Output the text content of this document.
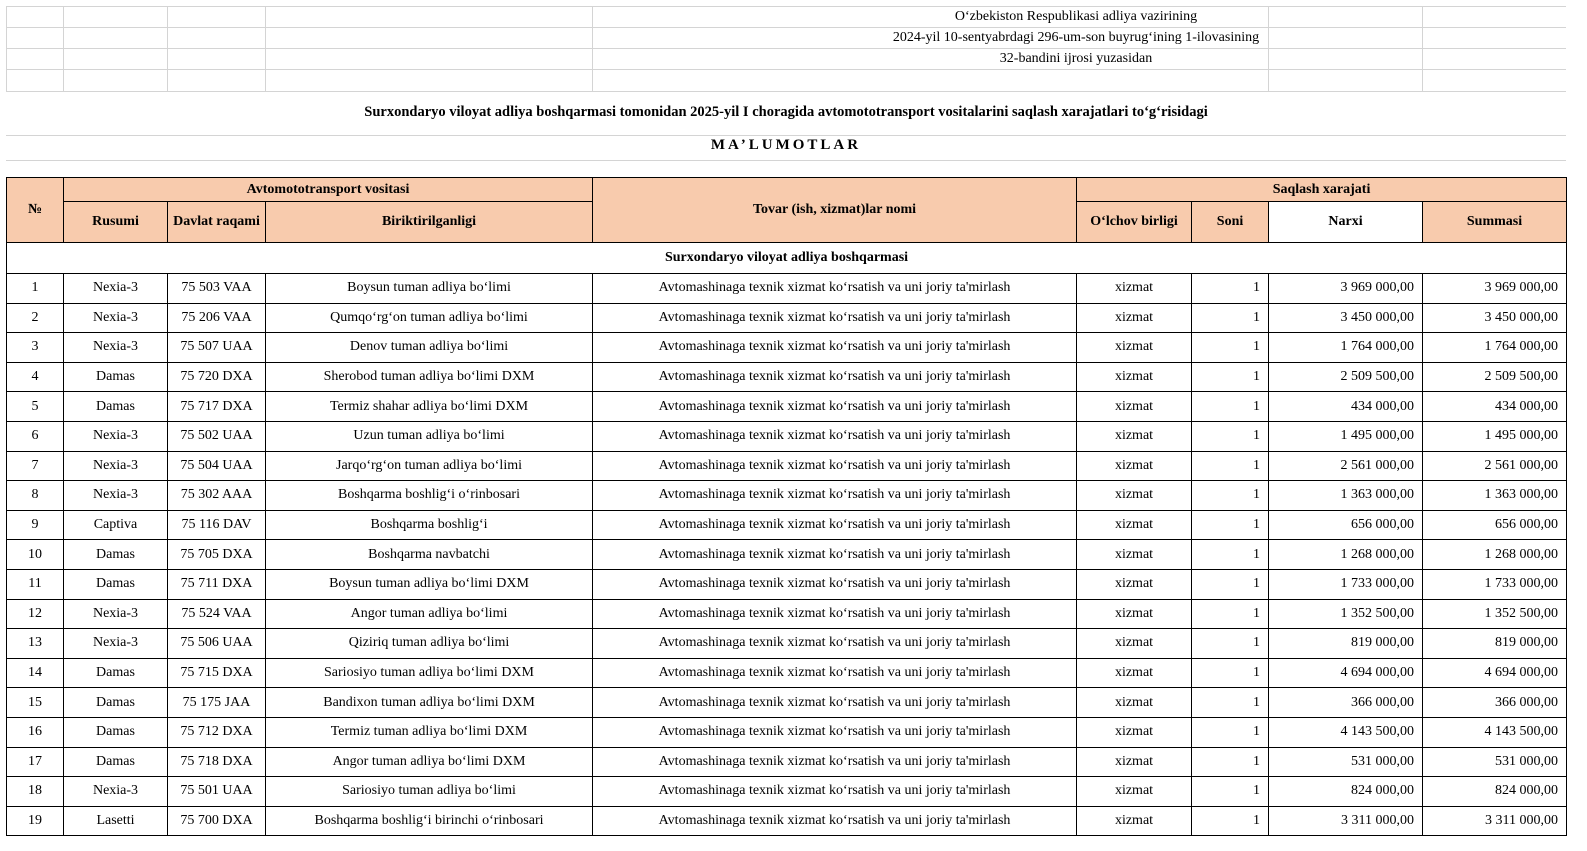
O‘zbekiston Respublikasi adliya vazirining
2024-yil 10-sentyabrdagi 296-um-son buyrug‘ining 1-ilovasining
32-bandini ijrosi yuzasidan
Surxondaryo viloyat adliya boshqarmasi tomonidan 2025-yil I choragida avtomototransport vositalarini saqlash xarajatlari to‘g‘risidagi
MA’LUMOTLAR
№	Avtomototransport vositasi			Tovar (ish, xizmat)lar nomi	Saqlash xarajati			
	Rusumi	Davlat raqami	Biriktirilganligi		O‘lchov birligi	Soni	Narxi	Summasi
Surxondaryo viloyat adliya boshqarmasi								
1	Nexia-3	75 503 VAA	Boysun tuman adliya bo‘limi	Avtomashinaga texnik xizmat ko‘rsatish va uni joriy ta'mirlash	xizmat	1	3 969 000,00	3 969 000,00
2	Nexia-3	75 206 VAA	Qumqo‘rg‘on tuman adliya bo‘limi	Avtomashinaga texnik xizmat ko‘rsatish va uni joriy ta'mirlash	xizmat	1	3 450 000,00	3 450 000,00
3	Nexia-3	75 507 UAA	Denov tuman adliya bo‘limi	Avtomashinaga texnik xizmat ko‘rsatish va uni joriy ta'mirlash	xizmat	1	1 764 000,00	1 764 000,00
4	Damas	75 720 DXA	Sherobod tuman adliya bo‘limi DXM	Avtomashinaga texnik xizmat ko‘rsatish va uni joriy ta'mirlash	xizmat	1	2 509 500,00	2 509 500,00
5	Damas	75 717 DXA	Termiz shahar adliya bo‘limi DXM	Avtomashinaga texnik xizmat ko‘rsatish va uni joriy ta'mirlash	xizmat	1	434 000,00	434 000,00
6	Nexia-3	75 502 UAA	Uzun tuman adliya bo‘limi	Avtomashinaga texnik xizmat ko‘rsatish va uni joriy ta'mirlash	xizmat	1	1 495 000,00	1 495 000,00
7	Nexia-3	75 504 UAA	Jarqo‘rg‘on tuman adliya bo‘limi	Avtomashinaga texnik xizmat ko‘rsatish va uni joriy ta'mirlash	xizmat	1	2 561 000,00	2 561 000,00
8	Nexia-3	75 302 AAA	Boshqarma boshlig‘i o‘rinbosari	Avtomashinaga texnik xizmat ko‘rsatish va uni joriy ta'mirlash	xizmat	1	1 363 000,00	1 363 000,00
9	Captiva	75 116 DAV	Boshqarma boshlig‘i	Avtomashinaga texnik xizmat ko‘rsatish va uni joriy ta'mirlash	xizmat	1	656 000,00	656 000,00
10	Damas	75 705 DXA	Boshqarma navbatchi	Avtomashinaga texnik xizmat ko‘rsatish va uni joriy ta'mirlash	xizmat	1	1 268 000,00	1 268 000,00
11	Damas	75 711 DXA	Boysun tuman adliya bo‘limi DXM	Avtomashinaga texnik xizmat ko‘rsatish va uni joriy ta'mirlash	xizmat	1	1 733 000,00	1 733 000,00
12	Nexia-3	75 524 VAA	Angor tuman adliya bo‘limi	Avtomashinaga texnik xizmat ko‘rsatish va uni joriy ta'mirlash	xizmat	1	1 352 500,00	1 352 500,00
13	Nexia-3	75 506 UAA	Qiziriq tuman adliya bo‘limi	Avtomashinaga texnik xizmat ko‘rsatish va uni joriy ta'mirlash	xizmat	1	819 000,00	819 000,00
14	Damas	75 715 DXA	Sariosiyo tuman adliya bo‘limi DXM	Avtomashinaga texnik xizmat ko‘rsatish va uni joriy ta'mirlash	xizmat	1	4 694 000,00	4 694 000,00
15	Damas	75 175 JAA	Bandixon tuman adliya bo‘limi DXM	Avtomashinaga texnik xizmat ko‘rsatish va uni joriy ta'mirlash	xizmat	1	366 000,00	366 000,00
16	Damas	75 712 DXA	Termiz tuman adliya bo‘limi DXM	Avtomashinaga texnik xizmat ko‘rsatish va uni joriy ta'mirlash	xizmat	1	4 143 500,00	4 143 500,00
17	Damas	75 718 DXA	Angor tuman adliya bo‘limi DXM	Avtomashinaga texnik xizmat ko‘rsatish va uni joriy ta'mirlash	xizmat	1	531 000,00	531 000,00
18	Nexia-3	75 501 UAA	Sariosiyo tuman adliya bo‘limi	Avtomashinaga texnik xizmat ko‘rsatish va uni joriy ta'mirlash	xizmat	1	824 000,00	824 000,00
19	Lasetti	75 700 DXA	Boshqarma boshlig‘i birinchi o‘rinbosari	Avtomashinaga texnik xizmat ko‘rsatish va uni joriy ta'mirlash	xizmat	1	3 311 000,00	3 311 000,00
